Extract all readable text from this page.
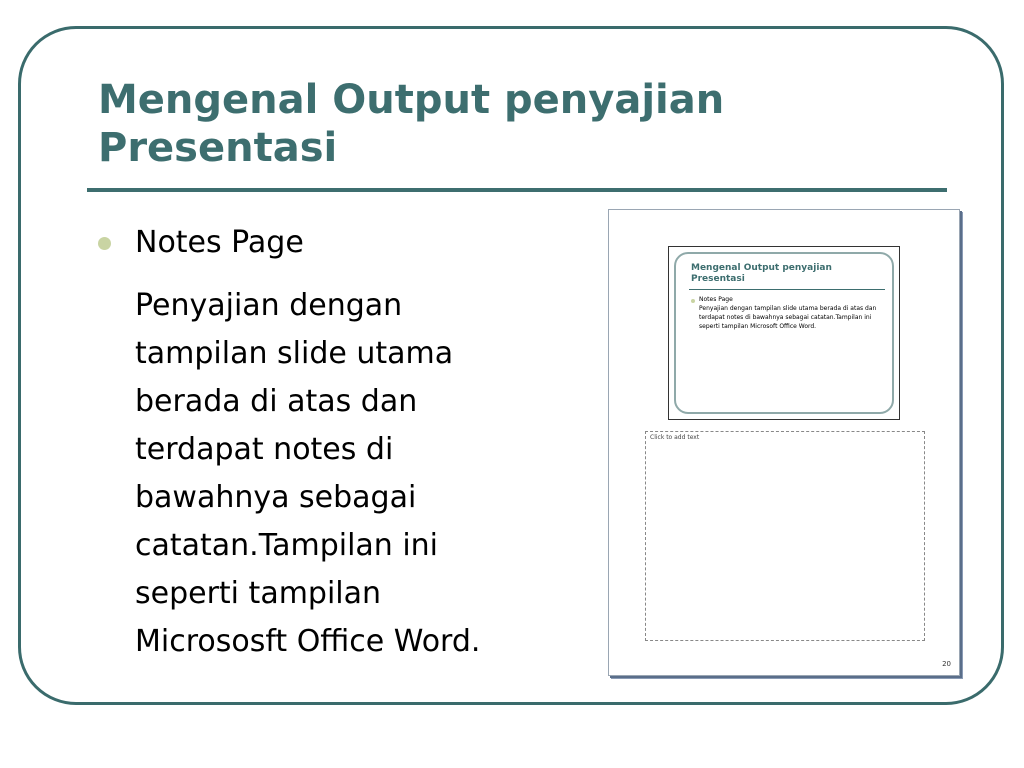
Mengenal Output penyajian Presentasi
Notes Page

Penyajian dengan tampilan slide utama berada di atas dan terdapat notes di bawahnya sebagai catatan.Tampilan ini seperti tampilan Micrososft Office Word.

Mengenal Output penyajian Presentasi
Notes Page
Penyajian dengan tampilan slide utama berada di atas dan terdapat notes di bawahnya sebagai catatan.Tampilan ini seperti tampilan Microsoft Office Word.
Click to add text
20
